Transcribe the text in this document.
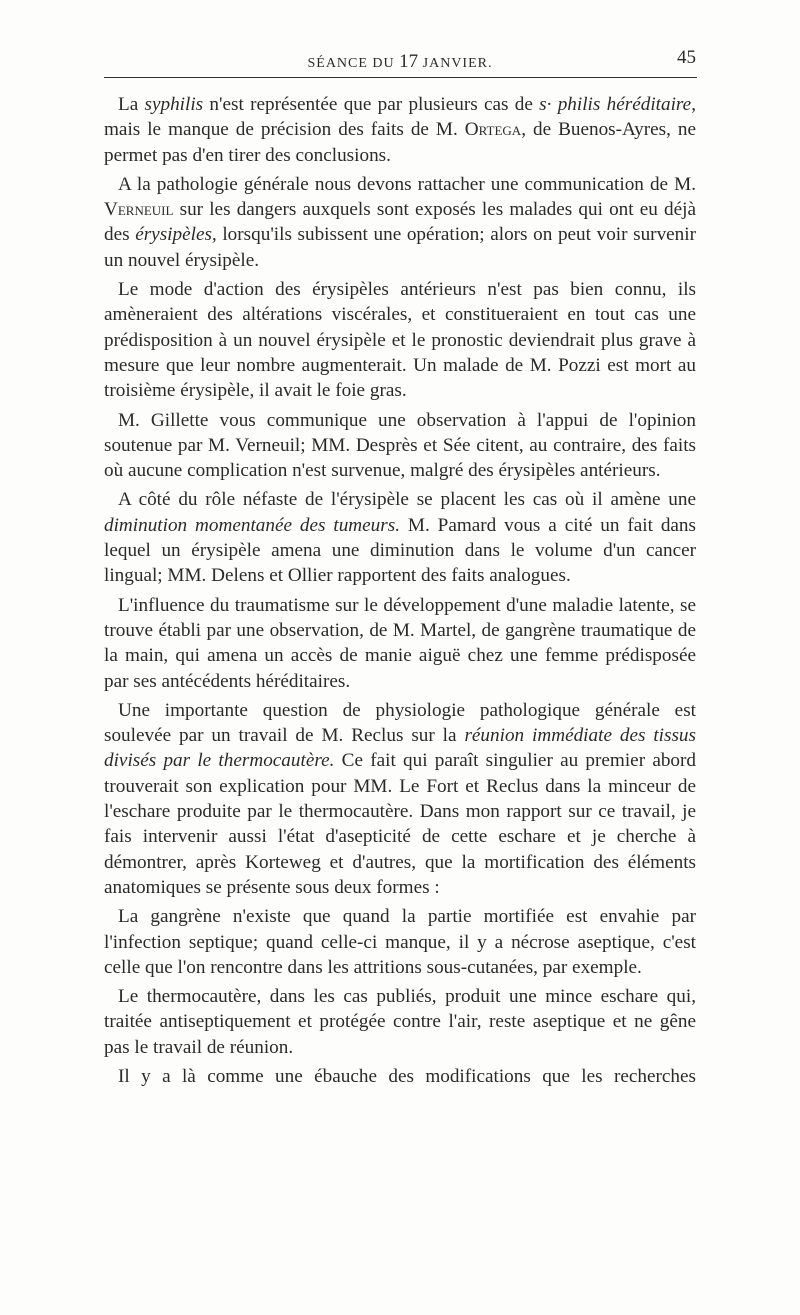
SÉANCE DU 17 JANVIER.	45

La syphilis n'est représentée que par plusieurs cas de s· philis héréditaire, mais le manque de précision des faits de M. Ortega, de Buenos-Ayres, ne permet pas d'en tirer des conclusions.

A la pathologie générale nous devons rattacher une communication de M. Verneuil sur les dangers auxquels sont exposés les malades qui ont eu déjà des érysipèles, lorsqu'ils subissent une opération; alors on peut voir survenir un nouvel érysipèle.

Le mode d'action des érysipèles antérieurs n'est pas bien connu, ils amèneraient des altérations viscérales, et constitueraient en tout cas une prédisposition à un nouvel érysipèle et le pronostic deviendrait plus grave à mesure que leur nombre augmenterait. Un malade de M. Pozzi est mort au troisième érysipèle, il avait le foie gras.

M. Gillette vous communique une observation à l'appui de l'opinion soutenue par M. Verneuil; MM. Desprès et Sée citent, au contraire, des faits où aucune complication n'est survenue, malgré des érysipèles antérieurs.

A côté du rôle néfaste de l'érysipèle se placent les cas où il amène une diminution momentanée des tumeurs. M. Pamard vous a cité un fait dans lequel un érysipèle amena une diminution dans le volume d'un cancer lingual; MM. Delens et Ollier rapportent des faits analogues.

L'influence du traumatisme sur le développement d'une maladie latente, se trouve établi par une observation, de M. Martel, de gangrène traumatique de la main, qui amena un accès de manie aiguë chez une femme prédisposée par ses antécédents héréditaires.

Une importante question de physiologie pathologique générale est soulevée par un travail de M. Reclus sur la réunion immédiate des tissus divisés par le thermocautère. Ce fait qui paraît singulier au premier abord trouverait son explication pour MM. Le Fort et Reclus dans la minceur de l'eschare produite par le thermocautère. Dans mon rapport sur ce travail, je fais intervenir aussi l'état d'asepticité de cette eschare et je cherche à démontrer, après Korteweg et d'autres, que la mortification des éléments anatomiques se présente sous deux formes :

La gangrène n'existe que quand la partie mortifiée est envahie par l'infection septique; quand celle-ci manque, il y a nécrose aseptique, c'est celle que l'on rencontre dans les attritions sous-cutanées, par exemple.

Le thermocautère, dans les cas publiés, produit une mince eschare qui, traitée antiseptiquement et protégée contre l'air, reste aseptique et ne gêne pas le travail de réunion.

Il y a là comme une ébauche des modifications que les recherches
